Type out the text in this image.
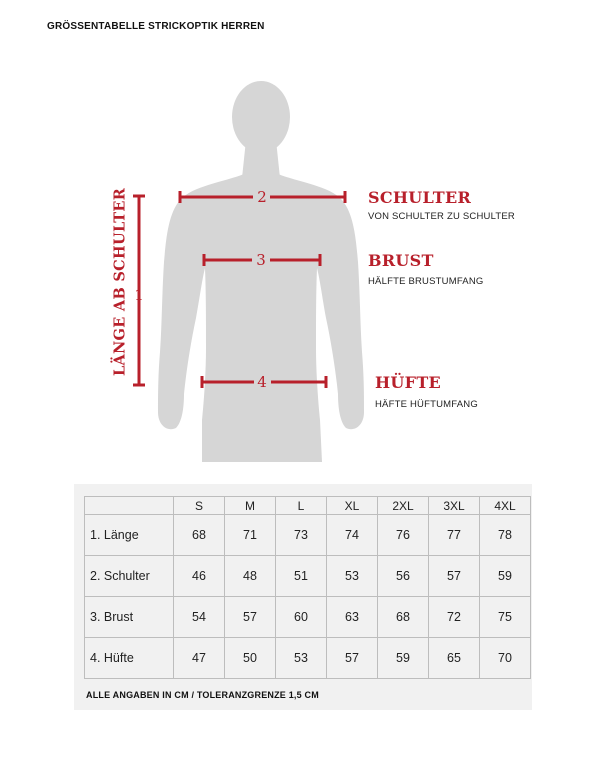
GRÖSSENTABELLE STRICKOPTIK HERREN
1
2
3
4
LÄNGE AB SCHULTER	SCHULTER
VON SCHULTER ZU SCHULTER
BRUST
HÄLFTE BRUSTUMFANG
HÜFTE
HÄFTE HÜFTUMFANG
	S	M	L	XL	2XL	3XL	4XL
1. Länge	68	71	73	74	76	77	78
2. Schulter	46	48	51	53	56	57	59
3. Brust	54	57	60	63	68	72	75
4. Hüfte	47	50	53	57	59	65	70
ALLE ANGABEN IN CM / TOLERANZGRENZE 1,5 CM
